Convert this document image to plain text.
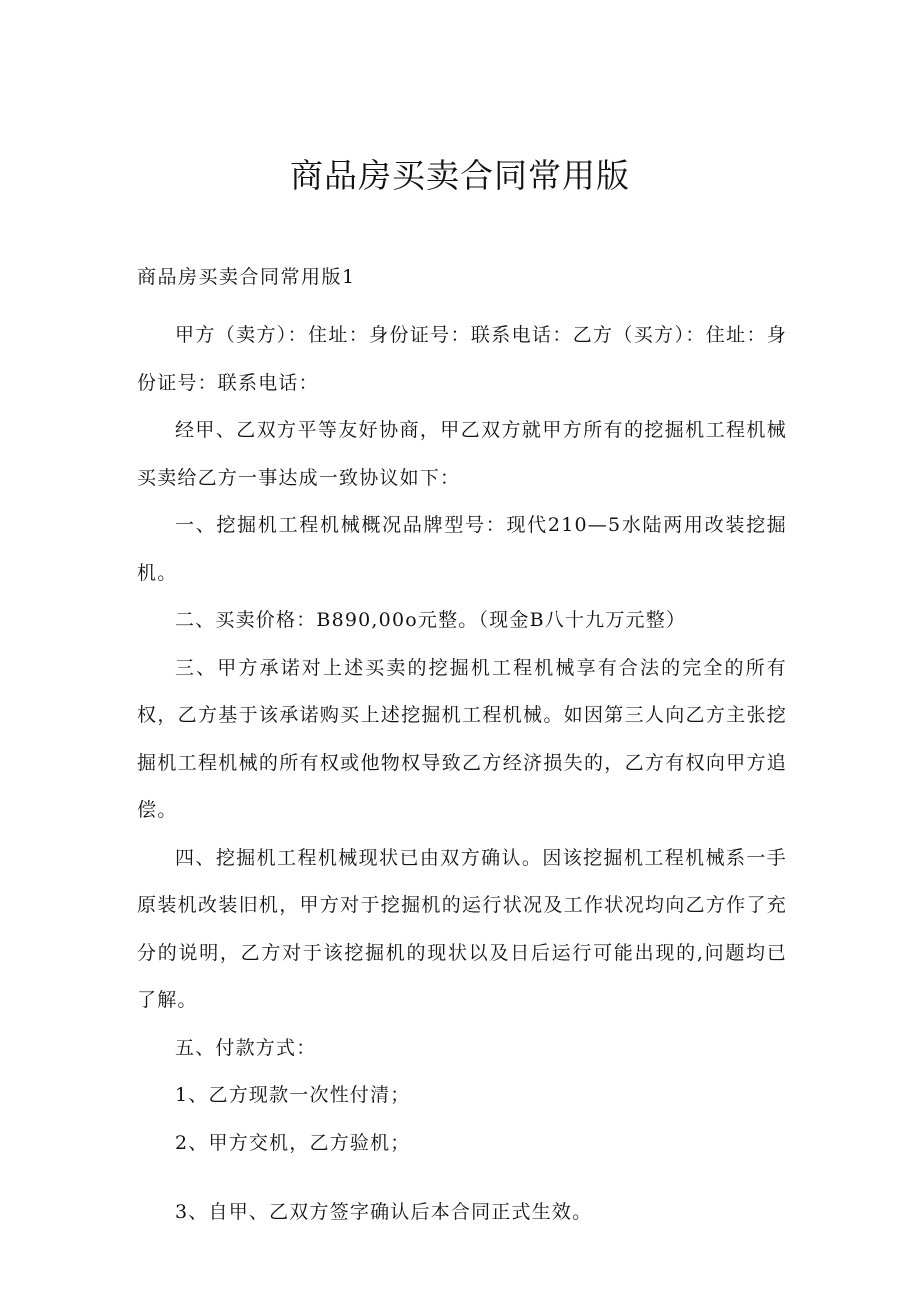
商品房买卖合同常用版

商品房买卖合同常用版1

甲方（卖方）：住址：身份证号：联系电话：乙方（买方）：住址：身份证号：联系电话：

经甲、乙双方平等友好协商，甲乙双方就甲方所有的挖掘机工程机械买卖给乙方一事达成一致协议如下：

一、挖掘机工程机械概况品牌型号：现代210—5水陆两用改装挖掘机。

二、买卖价格：B890,00o元整。（现金B八十九万元整）

三、甲方承诺对上述买卖的挖掘机工程机械享有合法的完全的所有权，乙方基于该承诺购买上述挖掘机工程机械。如因第三人向乙方主张挖掘机工程机械的所有权或他物权导致乙方经济损失的，乙方有权向甲方追偿。

四、挖掘机工程机械现状已由双方确认。因该挖掘机工程机械系一手原装机改装旧机，甲方对于挖掘机的运行状况及工作状况均向乙方作了充分的说明，乙方对于该挖掘机的现状以及日后运行可能出现的,问题均已了解。

五、付款方式：

1、乙方现款一次性付清；

2、甲方交机，乙方验机；

3、自甲、乙双方签字确认后本合同正式生效。
